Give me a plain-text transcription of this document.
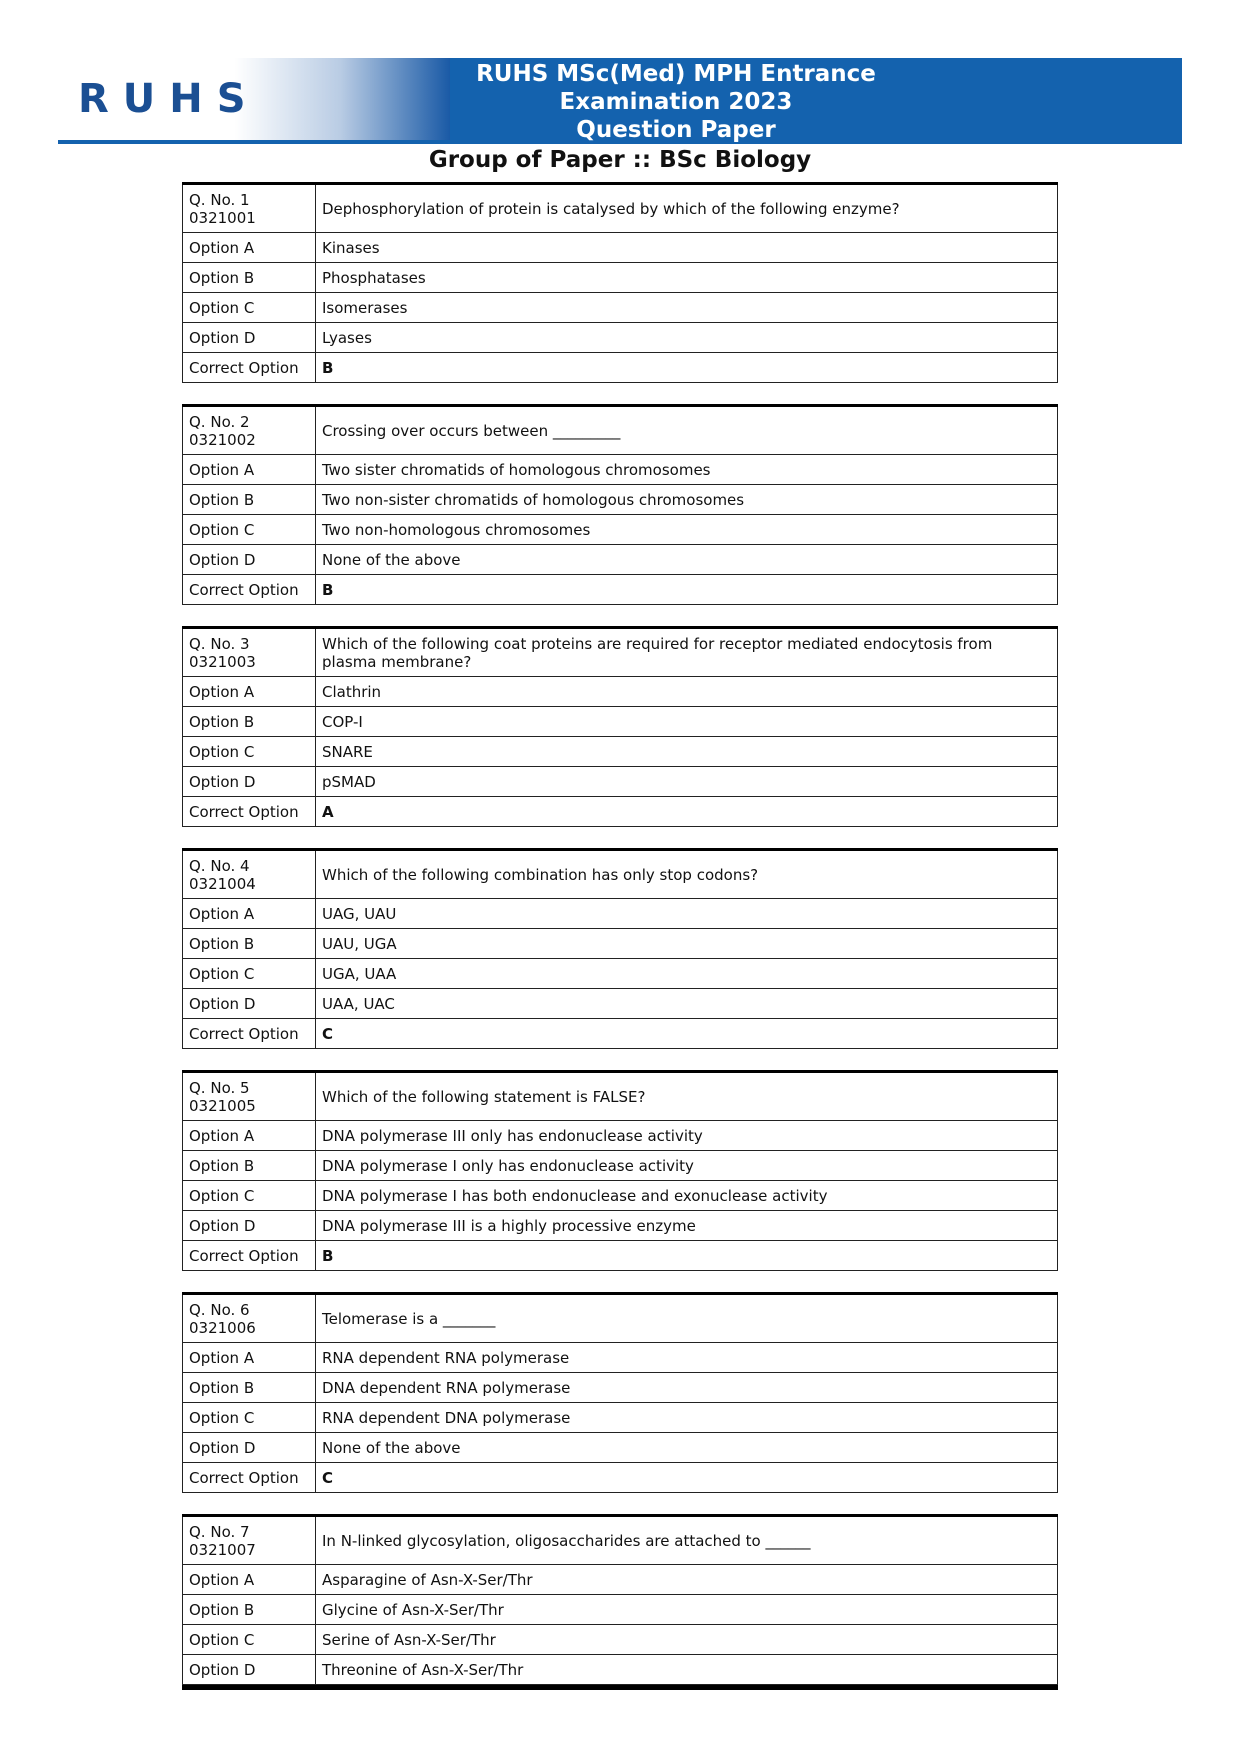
RUHS
RUHS MSc(Med) MPH Entrance
Examination 2023
Question Paper
Group of Paper :: BSc Biology
Q. No. 1
0321001	Dephosphorylation of protein is catalysed by which of the following enzyme?
Option A	Kinases
Option B	Phosphatases
Option C	Isomerases
Option D	Lyases
Correct Option	B
Q. No. 2
0321002	Crossing over occurs between _________
Option A	Two sister chromatids of homologous chromosomes
Option B	Two non-sister chromatids of homologous chromosomes
Option C	Two non-homologous chromosomes
Option D	None of the above
Correct Option	B
Q. No. 3
0321003	Which of the following coat proteins are required for receptor mediated endocytosis from plasma membrane?
Option A	Clathrin
Option B	COP-I
Option C	SNARE
Option D	pSMAD
Correct Option	A
Q. No. 4
0321004	Which of the following combination has only stop codons?
Option A	UAG, UAU
Option B	UAU, UGA
Option C	UGA, UAA
Option D	UAA, UAC
Correct Option	C
Q. No. 5
0321005	Which of the following statement is FALSE?
Option A	DNA polymerase III only has endonuclease activity
Option B	DNA polymerase I only has endonuclease activity
Option C	DNA polymerase I has both endonuclease and exonuclease activity
Option D	DNA polymerase III is a highly processive enzyme
Correct Option	B
Q. No. 6
0321006	Telomerase is a _______
Option A	RNA dependent RNA polymerase
Option B	DNA dependent RNA polymerase
Option C	RNA dependent DNA polymerase
Option D	None of the above
Correct Option	C
Q. No. 7
0321007	In N-linked glycosylation, oligosaccharides are attached to ______
Option A	Asparagine of Asn-X-Ser/Thr
Option B	Glycine of Asn-X-Ser/Thr
Option C	Serine of Asn-X-Ser/Thr
Option D	Threonine of Asn-X-Ser/Thr
